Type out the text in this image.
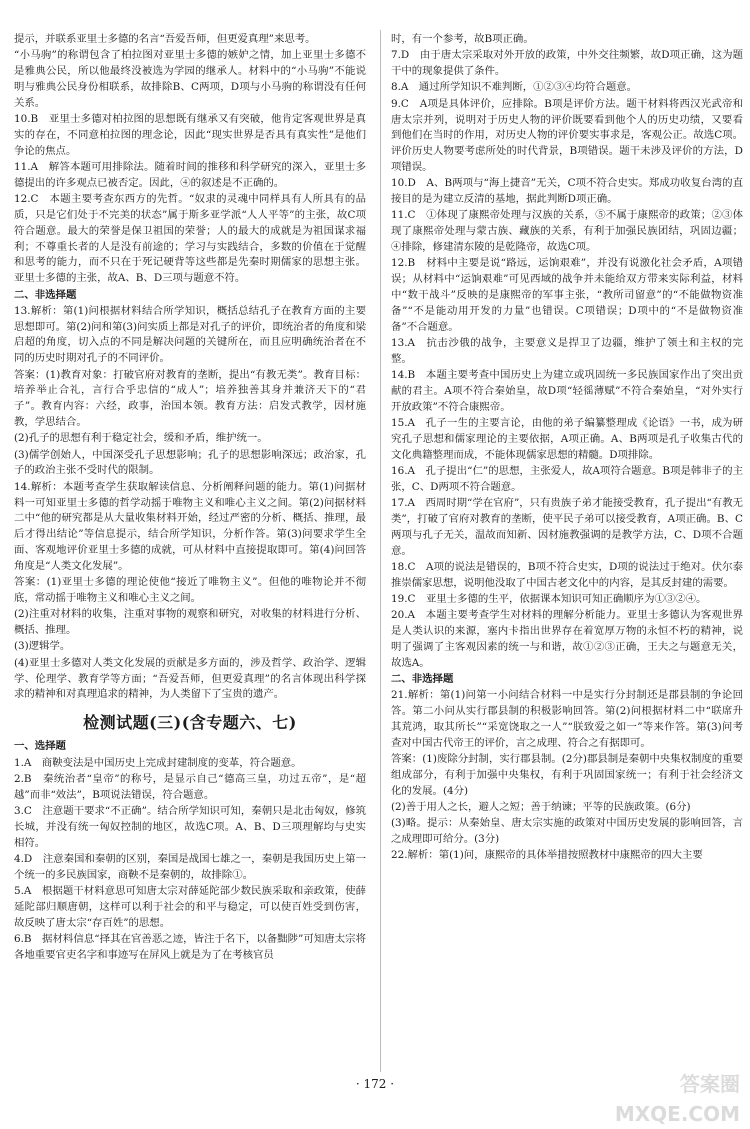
提示，并联系亚里士多德的名言“吾爱吾师，但更爱真理”来思考。

“小马驹”的称谓包含了柏拉图对亚里士多德的嫉妒之情，加上亚里士多德不是雅典公民，所以他最终没被选为学园的继承人。材料中的“小马驹”不能说明与雅典公民身份相联系，故排除B、C两项，D项与小马驹的称谓没有任何关系。

10.B　亚里士多德对柏拉图的思想既有继承又有突破，他肯定客观世界是真实的存在，不同意柏拉图的理念论，因此“现实世界是否具有真实性”是他们争论的焦点。

11.A　解答本题可用排除法。随着时间的推移和科学研究的深入，亚里士多德提出的许多观点已被否定。因此，④的叙述是不正确的。

12.C　本题主要考查东西方的先哲。“奴隶的灵魂中同样具有人所具有的品质，只是它们处于不完美的状态”属于斯多亚学派“人人平等”的主张，故C项符合题意。最大的荣誉是保卫祖国的荣誉；人的最大的成就是为祖国谋求福利；不尊重长者的人是没有前途的；学习与实践结合，多数的价值在于觉醒和思考的能力，而不只在于死记硬背等这些都是先秦时期儒家的思想主张。亚里士多德的主张，故A、B、D三项与题意不符。

二、非选择题

13.解析：第(1)问根据材料结合所学知识，概括总结孔子在教育方面的主要思想即可。第(2)问和第(3)问实质上都是对孔子的评价，即统治者的角度和梁启超的角度，切入点的不同是解决问题的关键所在，而且应明确统治者在不同的历史时期对孔子的不同评价。

答案：(1)教育对象：打破官府对教育的垄断，提出“有教无类”。教育目标：培养举止合礼，言行合乎忠信的“成人”；培养独善其身并兼济天下的“君子”。教育内容：六经，政事，治国本领。教育方法：启发式教学，因材施教，学思结合。

(2)孔子的思想有利于稳定社会，缓和矛盾，维护统一。

(3)儒学创始人，中国深受孔子思想影响；孔子的思想影响深远；政治家，孔子的政治主张不受时代的限制。

14.解析：本题考查学生获取解读信息、分析阐释问题的能力。第(1)问据材料一可知亚里士多德的哲学动摇于唯物主义和唯心主义之间。第(2)问据材料二中“他的研究都是从大量收集材料开始，经过严密的分析、概括、推理，最后才得出结论”等信息提示，结合所学知识，分析作答。第(3)问要求学生全面、客观地评价亚里士多德的成就，可从材料中直接提取即可。第(4)问回答角度是“人类文化发展”。

答案：(1)亚里士多德的理论使他“接近了唯物主义”。但他的唯物论并不彻底，常动摇于唯物主义和唯心主义之间。

(2)注重对材料的收集，注重对事物的观察和研究，对收集的材料进行分析、概括、推理。

(3)逻辑学。

(4)亚里士多德对人类文化发展的贡献是多方面的，涉及哲学、政治学、逻辑学、伦理学、教育学等方面；“吾爱吾师，但更爱真理”的名言体现出科学探求的精神和对真理追求的精神，为人类留下了宝贵的遗产。

检测试题(三)(含专题六、七)

一、选择题

1.A　商鞅变法是中国历史上完成封建制度的变革，符合题意。

2.B　秦统治者“皇帝”的称号，是显示自己“德高三皇，功过五帝”，是“超越”而非“效法”，B项说法错误，符合题意。

3.C　注意题干要求“不正确”。结合所学知识可知，秦朝只是北击匈奴，修筑长城，并没有统一匈奴控制的地区，故选C项。A、B、D三项理解均与史实相符。

4.D　注意秦国和秦朝的区别，秦国是战国七雄之一，秦朝是我国历史上第一个统一的多民族国家，商鞅不是秦朝的，故排除①。

5.A　根据题干材料意思可知唐太宗对薛延陀部少数民族采取和亲政策，使薛延陀部归顺唐朝，这样可以利于社会的和平与稳定，可以使百姓受到伤害，故反映了唐太宗“存百姓”的思想。

6.B　据材料信息“择其在官善恶之迹，皆注于名下，以备黜陟”可知唐太宗将各地重要官吏名字和事迹写在屏风上就是为了在考核官员

时，有一个参考，故B项正确。

7.D　由于唐太宗采取对外开放的政策，中外交往频繁，故D项正确，这为题干中的现象提供了条件。

8.A　通过所学知识不难判断，①②③④均符合题意。

9.C　A项是具体评价，应排除。B项是评价方法。题干材料将西汉光武帝和唐太宗并列，说明对于历史人物的评价既要看到他个人的历史功绩，又要看到他们在当时的作用，对历史人物的评价要实事求是，客观公正。故选C项。评价历史人物要考虑所处的时代背景，B项错误。题干未涉及评价的方法，D项错误。

10.D　A、B两项与“海上捷音”无关，C项不符合史实。郑成功收复台湾的直接目的是为建立反清的基地，据此判断D项正确。

11.C　①体现了康熙帝处理与汉族的关系，⑤不属于康熙帝的政策；②③体现了康熙帝处理与蒙古族、藏族的关系，有利于加强民族团结，巩固边疆；④排除，修建清东陵的是乾隆帝，故选C项。

12.B　材料中主要是说“路远，运饷艰难”，并没有说激化社会矛盾，A项错误；从材料中“运饷艰难”可见西域的战争并未能给双方带来实际利益，材料中“数干战斗”反映的是康熙帝的军事主张，“教所司留意”的“不能做物资准备”“不是能动用开发的力量”也错误。C项错误；D项中的“不是做物资准备”不合题意。

13.A　抗击沙俄的战争，主要意义是捍卫了边疆，维护了领土和主权的完整。

14.B　本题主要考查中国历史上为建立或巩固统一多民族国家作出了突出贡献的君主。A项不符合秦始皇，故D项“轻徭薄赋”不符合秦始皇，“对外实行开放政策”不符合康熙帝。

15.A　孔子一生的主要言论，由他的弟子编纂整理成《论语》一书，成为研究孔子思想和儒家理论的主要依据，A项正确。A、B两项是孔子收集古代的文化典籍整理而成，不能体现儒家思想的精髓。D项排除。

16.A　孔子提出“仁”的思想，主张爱人，故A项符合题意。B项是韩非子的主张，C、D两项不符合题意。

17.A　西周时期“学在官府”，只有贵族子弟才能接受教育，孔子提出“有教无类”，打破了官府对教育的垄断，使平民子弟可以接受教育，A项正确。B、C两项与孔子无关，温故而知新、因材施教强调的是教学方法，C、D项不合题意。

18.C　A项的说法是错误的，B项不符合史实，D项的说法过于绝对。伏尔泰推崇儒家思想，说明他没取了中国古老文化中的内容，是其反封建的需要。

19.C　亚里士多德的生平，依据课本知识可知正确顺序为①③②④。

20.A　本题主要考查学生对材料的理解分析能力。亚里士多德认为客观世界是人类认识的来源，塞内卡指出世界存在着宽厚万物的永恒不朽的精神，说明了强调了主客观因素的统一与和谐，故①②③正确，王夫之与题意无关，故选A。

二、非选择题

21.解析：第(1)问第一小问结合材料一中是实行分封制还是郡县制的争论回答。第二小问从实行郡县制的积极影响回答。第(2)问根据材料二中“联席升其荒鸿，取其所长”“采宽饶取之一人”“朕致爱之如一”等来作答。第(3)问考查对中国古代帝王的评价，言之成理、符合之有据即可。

答案：(1)废除分封制，实行郡县制。(2分)郡县制是秦朝中央集权制度的重要组成部分，有利于加强中央集权，有利于巩固国家统一；有利于社会经济文化的发展。(4分)

(2)善于用人之长，避人之短；善于纳谏；平等的民族政策。(6分)

(3)略。提示：从秦始皇、唐太宗实施的政策对中国历史发展的影响回答，言之成理即可给分。(3分)

22.解析：第(1)问，康熙帝的具体举措按照教材中康熙帝的四大主要

· 172 ·	答案圈 MXQE.COM
